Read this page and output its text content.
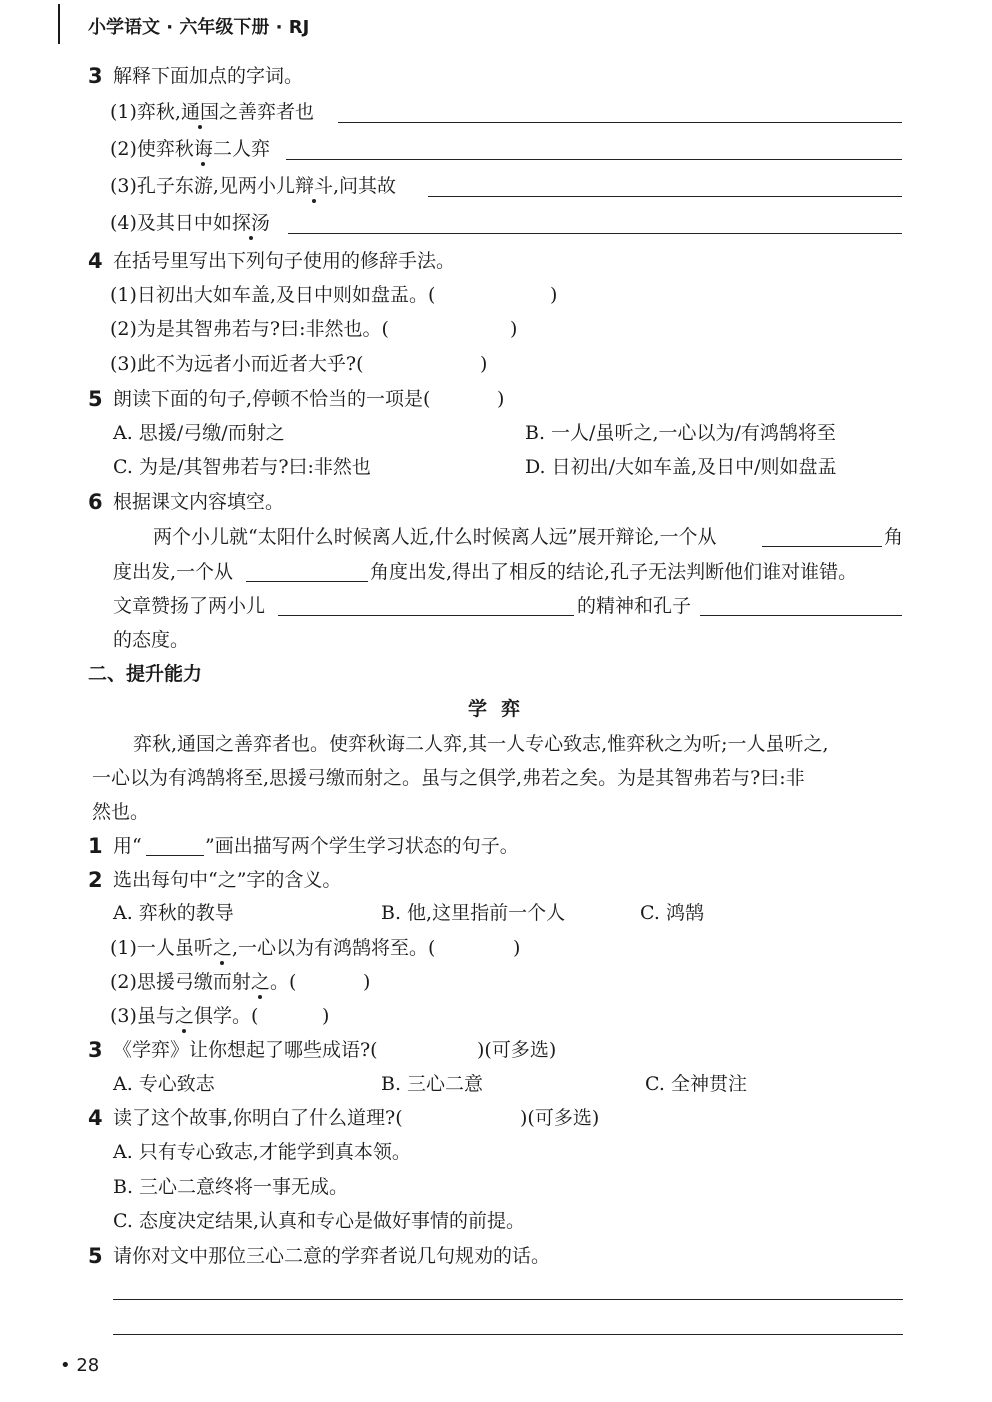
小学语文 · 六年级下册 · RJ
3 解释下面加点的字词。
(1)弈秋,通国之善弈者也
(2)使弈秋诲二人弈
(3)孔子东游,见两小儿辩斗,问其故
(4)及其日中如探汤
4 在括号里写出下列句子使用的修辞手法。
(1)日初出大如车盖,及日中则如盘盂。(	)
(2)为是其智弗若与?曰:非然也。(	)
(3)此不为远者小而近者大乎?(	)
5 朗读下面的句子,停顿不恰当的一项是(	)
A. 思援/弓缴/而射之	B. 一人/虽听之,一心以为/有鸿鹄将至
C. 为是/其智弗若与?曰:非然也	D. 日初出/大如车盖,及日中/则如盘盂
6 根据课文内容填空。
两个小儿就“太阳什么时候离人近,什么时候离人远”展开辩论,一个从	角
度出发,一个从	角度出发,得出了相反的结论,孔子无法判断他们谁对谁错。
文章赞扬了两小儿	的精神和孔子
的态度。
二、提升能力
学弈
弈秋,通国之善弈者也。使弈秋诲二人弈,其一人专心致志,惟弈秋之为听;一人虽听之,
一心以为有鸿鹄将至,思援弓缴而射之。虽与之俱学,弗若之矣。为是其智弗若与?曰:非
然也。
1 用“	”画出描写两个学生学习状态的句子。
2 选出每句中“之”字的含义。
A. 弈秋的教导	B. 他,这里指前一个人	C. 鸿鹄
(1)一人虽听之,一心以为有鸿鹄将至。(	)
(2)思援弓缴而射之。(	)
(3)虽与之俱学。(	)
3 《学弈》让你想起了哪些成语?(	)(可多选)
A. 专心致志	B. 三心二意	C. 全神贯注
4 读了这个故事,你明白了什么道理?(	)(可多选)
A. 只有专心致志,才能学到真本领。
B. 三心二意终将一事无成。
C. 态度决定结果,认真和专心是做好事情的前提。
5 请你对文中那位三心二意的学弈者说几句规劝的话。
• 28
